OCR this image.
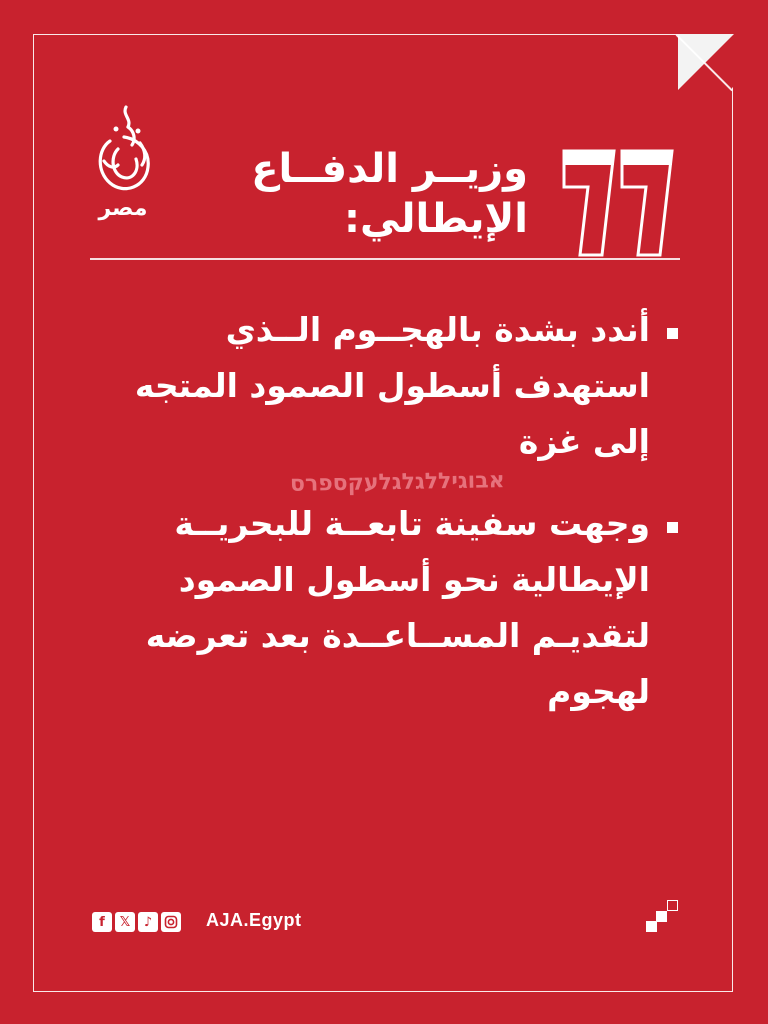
مصر
وزيــر الدفــاع
الإيطالي:
أندد بشدة بالهجــوم الــذي استهدف أسطول الصمود المتجه إلى غزة
אבוגיללגלגלעקספרס
وجهت سفينة تابعــة للبحريــة الإيطالية نحو أسطول الصمود لتقديـم المســاعــدة بعد تعرضه لهجوم
f	𝕏	♪	AJA.Egypt
